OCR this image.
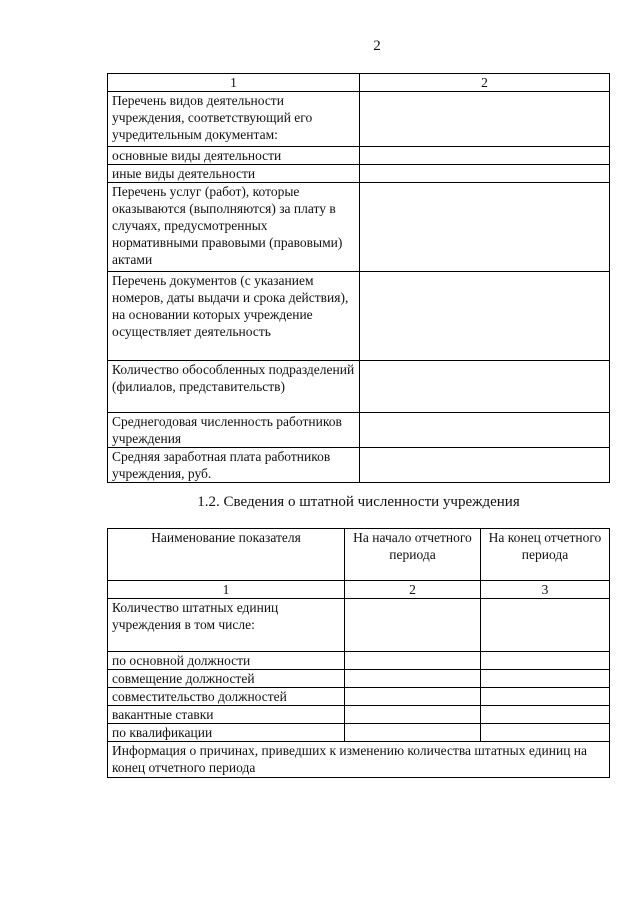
2
1	2
Перечень видов деятельности учреждения, соответствующий его учредительным документам:	
основные виды деятельности	
иные виды деятельности	
Перечень услуг (работ), которые оказываются (выполняются) за плату в случаях, предусмотренных нормативными правовыми (правовыми) актами	
Перечень документов (с указанием номеров, даты выдачи и срока действия), на основании которых учреждение осуществляет деятельность	
Количество обособленных подразделений (филиалов, представительств)	
Среднегодовая численность работников учреждения	
Средняя заработная плата работников учреждения, руб.	
1.2. Сведения о штатной численности учреждения
Наименование показателя	На начало отчетного периода	На конец отчетного периода
1	2	3
Количество штатных единиц учреждения в том числе:		
по основной должности		
совмещение должностей		
совместительство должностей		
вакантные ставки		
по квалификации		
Информация о причинах, приведших к изменению количества штатных единиц на конец отчетного периода		
